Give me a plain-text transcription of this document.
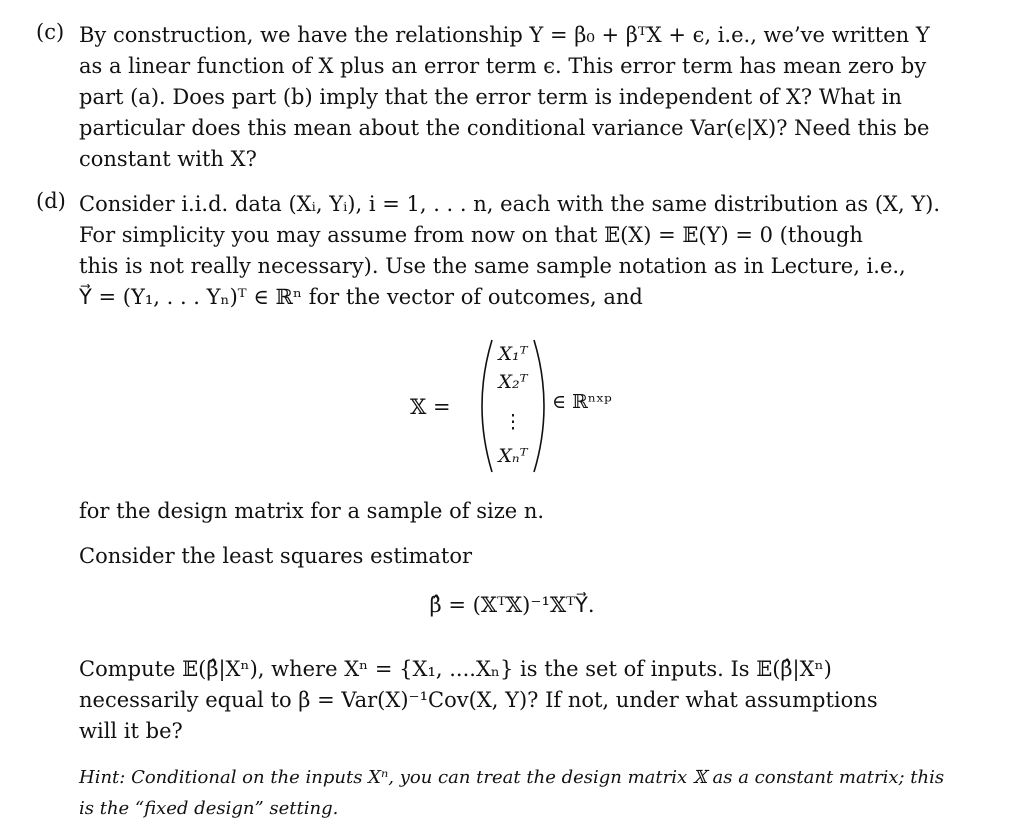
(c) By construction, we have the relationship Y = β₀ + βᵀX + ϵ, i.e., we’ve written Y
as a linear function of X plus an error term ϵ. This error term has mean zero by
part (a). Does part (b) imply that the error term is independent of X? What in
particular does this mean about the conditional variance Var(ϵ|X)? Need this be
constant with X?
(d) Consider i.i.d. data (Xᵢ, Yᵢ), i = 1, . . . n, each with the same distribution as (X, Y).
For simplicity you may assume from now on that 𝔼(X) = 𝔼(Y) = 0 (though
this is not really necessary). Use the same sample notation as in Lecture, i.e.,
Y⃗ = (Y₁, . . . Yₙ)ᵀ ∈ ℝⁿ for the vector of outcomes, and
𝕏 =
X₁ᵀ
X₂ᵀ
⋮
Xₙᵀ
∈ ℝⁿˣᵖ
for the design matrix for a sample of size n.
Consider the least squares estimator
β̂ = (𝕏ᵀ𝕏)⁻¹𝕏ᵀY⃗.
Compute 𝔼(β̂|Xⁿ), where Xⁿ = {X₁, ....Xₙ} is the set of inputs. Is 𝔼(β̂|Xⁿ)
necessarily equal to β = Var(X)⁻¹Cov(X, Y)? If not, under what assumptions
will it be?
Hint: Conditional on the inputs Xⁿ, you can treat the design matrix 𝕏 as a constant matrix; this
is the “fixed design” setting.
